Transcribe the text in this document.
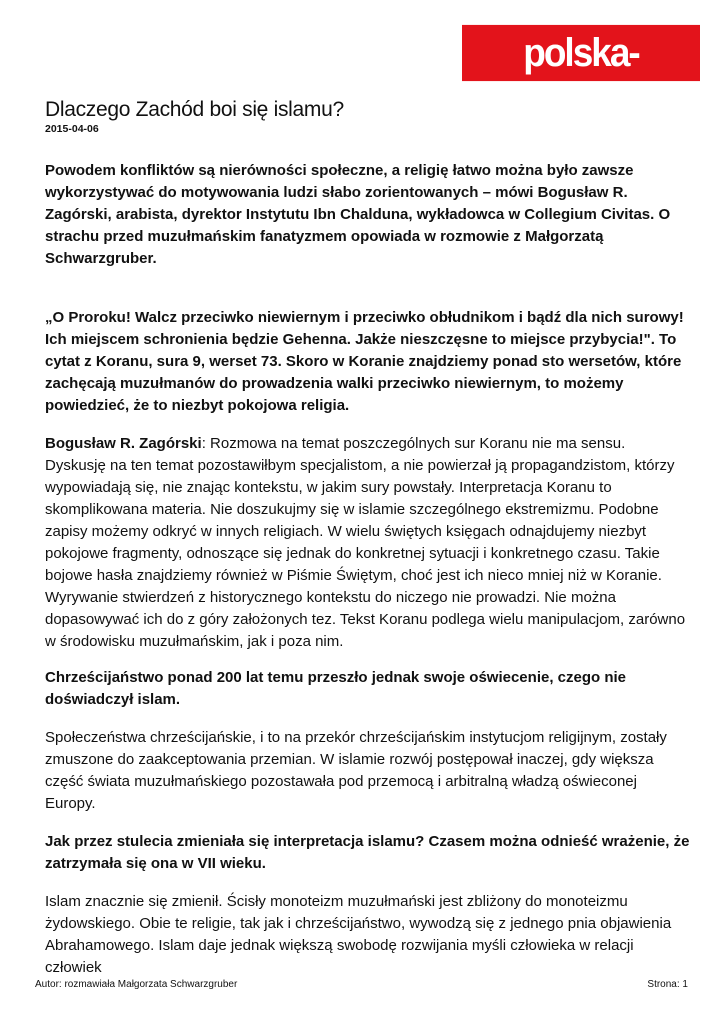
polska-zbrojna.pl
Dlaczego Zachód boi się islamu?
2015-04-06

Powodem konfliktów są nierówności społeczne, a religię łatwo można było zawsze wykorzystywać do motywowania ludzi słabo zorientowanych – mówi Bogusław R. Zagórski, arabista, dyrektor Instytutu Ibn Chalduna, wykładowca w Collegium Civitas. O strachu przed muzułmańskim fanatyzmem opowiada w rozmowie z Małgorzatą Schwarzgruber.

„O Proroku! Walcz przeciwko niewiernym i przeciwko obłudnikom i bądź dla nich surowy! Ich miejscem schronienia będzie Gehenna. Jakże nieszczęsne to miejsce przybycia!". To cytat z Koranu, sura 9, werset 73. Skoro w Koranie znajdziemy ponad sto wersetów, które zachęcają muzułmanów do prowadzenia walki przeciwko niewiernym, to możemy powiedzieć, że to niezbyt pokojowa religia.

Bogusław R. Zagórski: Rozmowa na temat poszczególnych sur Koranu nie ma sensu. Dyskusję na ten temat pozostawiłbym specjalistom, a nie powierzał ją propagandzistom, którzy wypowiadają się, nie znając kontekstu, w jakim sury powstały. Interpretacja Koranu to skomplikowana materia. Nie doszukujmy się w islamie szczególnego ekstremizmu. Podobne zapisy możemy odkryć w innych religiach. W wielu świętych księgach odnajdujemy niezbyt pokojowe fragmenty, odnoszące się jednak do konkretnej sytuacji i konkretnego czasu. Takie bojowe hasła znajdziemy również w Piśmie Świętym, choć jest ich nieco mniej niż w Koranie. Wyrywanie stwierdzeń z historycznego kontekstu do niczego nie prowadzi. Nie można dopasowywać ich do z góry założonych tez. Tekst Koranu podlega wielu manipulacjom, zarówno w środowisku muzułmańskim, jak i poza nim.

Chrześcijaństwo ponad 200 lat temu przeszło jednak swoje oświecenie, czego nie doświadczył islam.

Społeczeństwa chrześcijańskie, i to na przekór chrześcijańskim instytucjom religijnym, zostały zmuszone do zaakceptowania przemian. W islamie rozwój postępował inaczej, gdy większa część świata muzułmańskiego pozostawała pod przemocą i arbitralną władzą oświeconej Europy.

Jak przez stulecia zmieniała się interpretacja islamu? Czasem można odnieść wrażenie, że zatrzymała się ona w VII wieku.

Islam znacznie się zmienił. Ścisły monoteizm muzułmański jest zbliżony do monoteizmu żydowskiego. Obie te religie, tak jak i chrześcijaństwo, wywodzą się z jednego pnia objawienia Abrahamowego. Islam daje jednak większą swobodę rozwijania myśli człowieka w relacji człowiek

Autor: rozmawiała Małgorzata Schwarzgruber	Strona: 1
